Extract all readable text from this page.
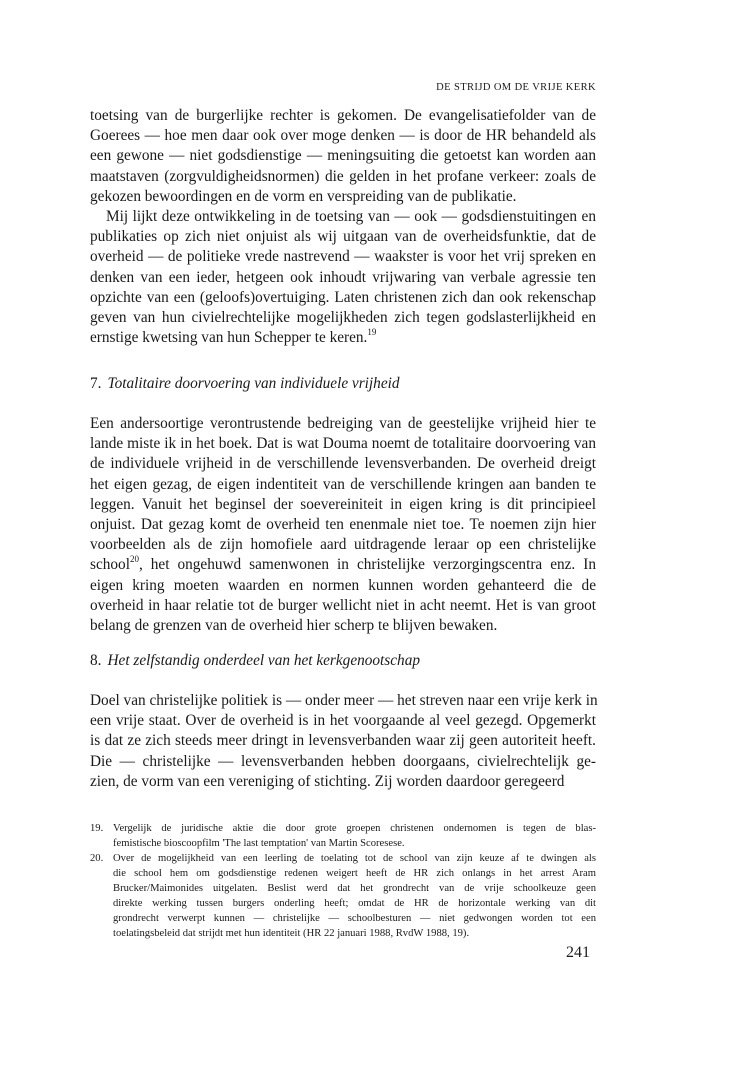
DE STRIJD OM DE VRIJE KERK
toetsing van de burgerlijke rechter is gekomen. De evangelisatiefolder van de
Goerees — hoe men daar ook over moge denken — is door de HR behandeld als
een gewone — niet godsdienstige — meningsuiting die getoetst kan worden aan
maatstaven (zorgvuldigheidsnormen) die gelden in het profane verkeer: zoals de
gekozen bewoordingen en de vorm en verspreiding van de publikatie.
Mij lijkt deze ontwikkeling in de toetsing van — ook — godsdienstuitingen en
publikaties op zich niet onjuist als wij uitgaan van de overheidsfunktie, dat de
overheid — de politieke vrede nastrevend — waakster is voor het vrij spreken en
denken van een ieder, hetgeen ook inhoudt vrijwaring van verbale agressie ten
opzichte van een (geloofs)overtuiging. Laten christenen zich dan ook rekenschap
geven van hun civielrechtelijke mogelijkheden zich tegen godslasterlijkheid en
ernstige kwetsing van hun Schepper te keren.$^{19}$
7. Totalitaire doorvoering van individuele vrijheid
Een andersoortige verontrustende bedreiging van de geestelijke vrijheid hier te
lande miste ik in het boek. Dat is wat Douma noemt de totalitaire doorvoering van
de individuele vrijheid in de verschillende levensverbanden. De overheid dreigt
het eigen gezag, de eigen indentiteit van de verschillende kringen aan banden te
leggen. Vanuit het beginsel der soevereiniteit in eigen kring is dit principieel
onjuist. Dat gezag komt de overheid ten enenmale niet toe. Te noemen zijn hier
voorbeelden als de zijn homofiele aard uitdragende leraar op een christelijke
school$^{20}$, het ongehuwd samenwonen in christelijke verzorgingscentra enz. In
eigen kring moeten waarden en normen kunnen worden gehanteerd die de
overheid in haar relatie tot de burger wellicht niet in acht neemt. Het is van groot
belang de grenzen van de overheid hier scherp te blijven bewaken.
8. Het zelfstandig onderdeel van het kerkgenootschap
Doel van christelijke politiek is — onder meer — het streven naar een vrije kerk in
een vrije staat. Over de overheid is in het voorgaande al veel gezegd. Opgemerkt
is dat ze zich steeds meer dringt in levensverbanden waar zij geen autoriteit heeft.
Die — christelijke — levensverbanden hebben doorgaans, civielrechtelijk ge-
zien, de vorm van een vereniging of stichting. Zij worden daardoor geregeerd
19. Vergelijk de juridische aktie die door grote groepen christenen ondernomen is tegen de blas-
femistische bioscoopfilm 'The last temptation' van Martin Scoresese.
20. Over de mogelijkheid van een leerling de toelating tot de school van zijn keuze af te dwingen als
die school hem om godsdienstige redenen weigert heeft de HR zich onlangs in het arrest Aram
Brucker/Maimonides uitgelaten. Beslist werd dat het grondrecht van de vrije schoolkeuze geen
direkte werking tussen burgers onderling heeft; omdat de HR de horizontale werking van dit
grondrecht verwerpt kunnen — christelijke — schoolbesturen — niet gedwongen worden tot een
toelatingsbeleid dat strijdt met hun identiteit (HR 22 januari 1988, RvdW 1988, 19).
241
